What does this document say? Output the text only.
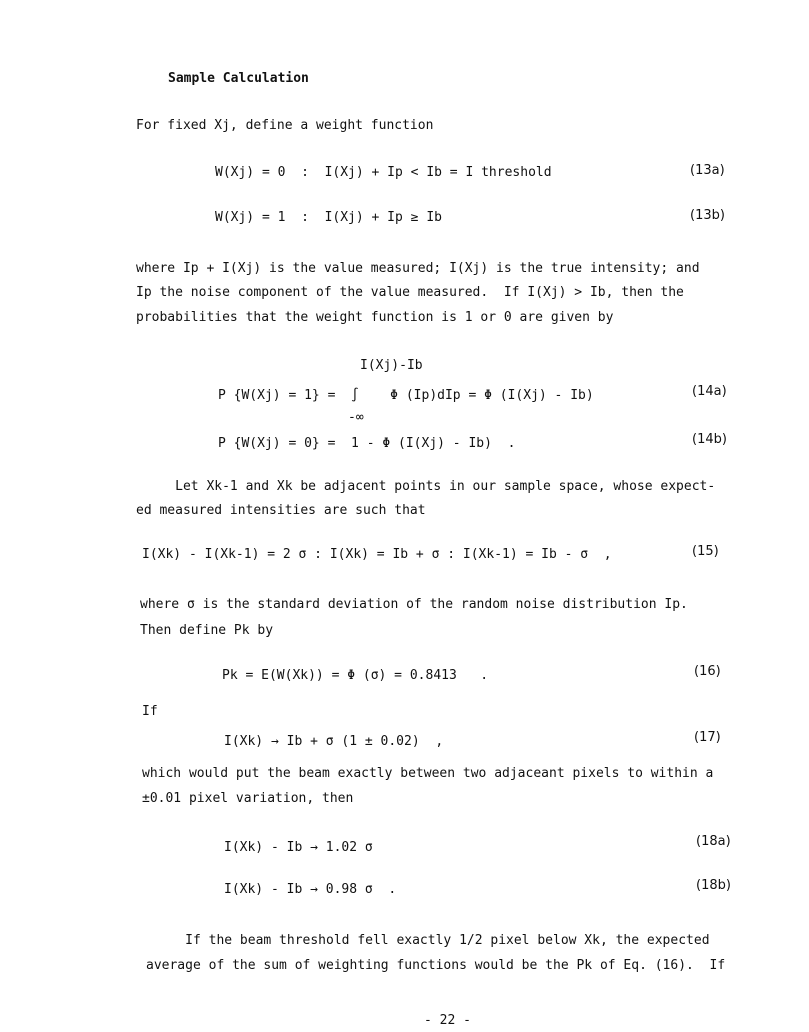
Sample Calculation
For fixed Xj, define a weight function
W(Xj) = 0  :  I(Xj) + Ip < Ib = I threshold	(13a)
W(Xj) = 1  :  I(Xj) + Ip ≥ Ib	(13b)
where Ip + I(Xj) is the value measured; I(Xj) is the true intensity; and
Ip the noise component of the value measured.  If I(Xj) > Ib, then the
probabilities that the weight function is 1 or 0 are given by
I(Xj)-Ib
P {W(Xj) = 1} =  ∫    Φ (Ip)dIp = Φ (I(Xj) - Ib)
-∞
(14a)
P {W(Xj) = 0} =  1 - Φ (I(Xj) - Ib)  .	(14b)
Let Xk-1 and Xk be adjacent points in our sample space, whose expect-
ed measured intensities are such that
I(Xk) - I(Xk-1) = 2 σ : I(Xk) = Ib + σ : I(Xk-1) = Ib - σ  ,	(15)
where σ is the standard deviation of the random noise distribution Ip.
Then define Pk by
Pk = E(W(Xk)) = Φ (σ) = 0.8413   .	(16)
If
I(Xk) → Ib + σ (1 ± 0.02)  ,	(17)
which would put the beam exactly between two adjaceant pixels to within a
±0.01 pixel variation, then
I(Xk) - Ib → 1.02 σ	(18a)
I(Xk) - Ib → 0.98 σ  .	(18b)
If the beam threshold fell exactly 1/2 pixel below Xk, the expected
average of the sum of weighting functions would be the Pk of Eq. (16).  If
- 22 -
